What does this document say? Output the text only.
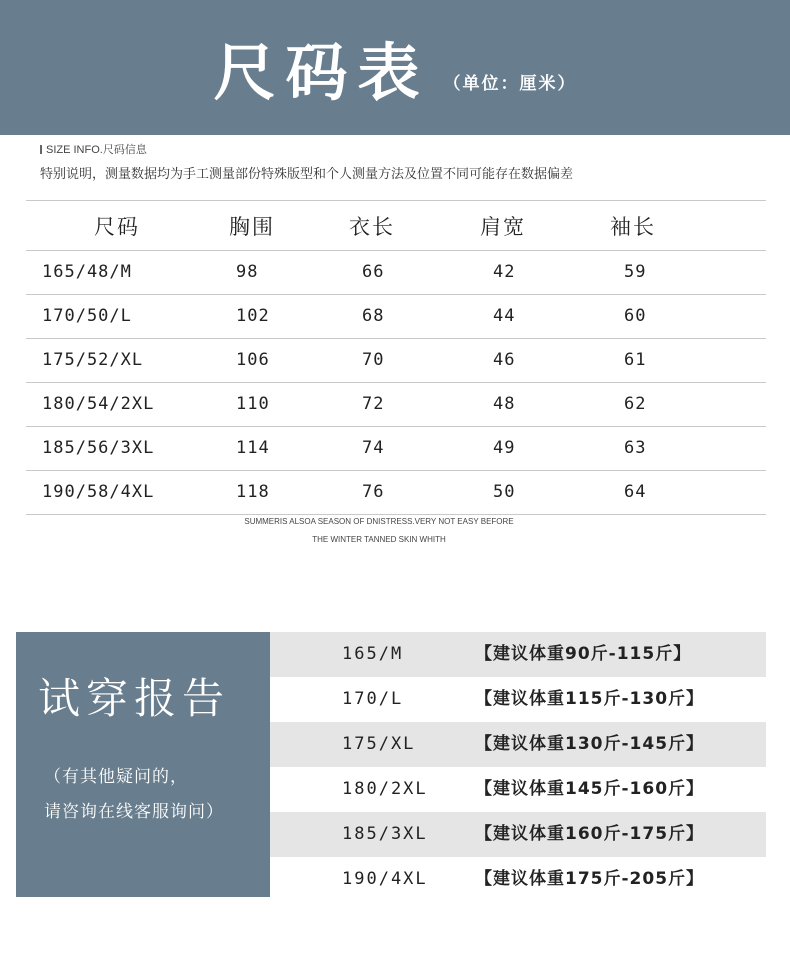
尺码表 （单位：厘米）
SIZE INFO.尺码信息
特别说明，测量数据均为手工测量部份特殊版型和个人测量方法及位置不同可能存在数据偏差
尺码	胸围	衣长	肩宽	袖长
165/48/M	98	66	42	59
170/50/L	102	68	44	60
175/52/XL	106	70	46	61
180/54/2XL	110	72	48	62
185/56/3XL	114	74	49	63
190/58/4XL	118	76	50	64
SUMMERIS ALSOA SEASON OF DNISTRESS.VERY NOT EASY BEFORE
THE WINTER TANNED SKIN WHITH
试穿报告
（有其他疑问的，
请咨询在线客服询问）
165/M	【建议体重90斤-115斤】
170/L	【建议体重115斤-130斤】
175/XL	【建议体重130斤-145斤】
180/2XL	【建议体重145斤-160斤】
185/3XL	【建议体重160斤-175斤】
190/4XL	【建议体重175斤-205斤】
